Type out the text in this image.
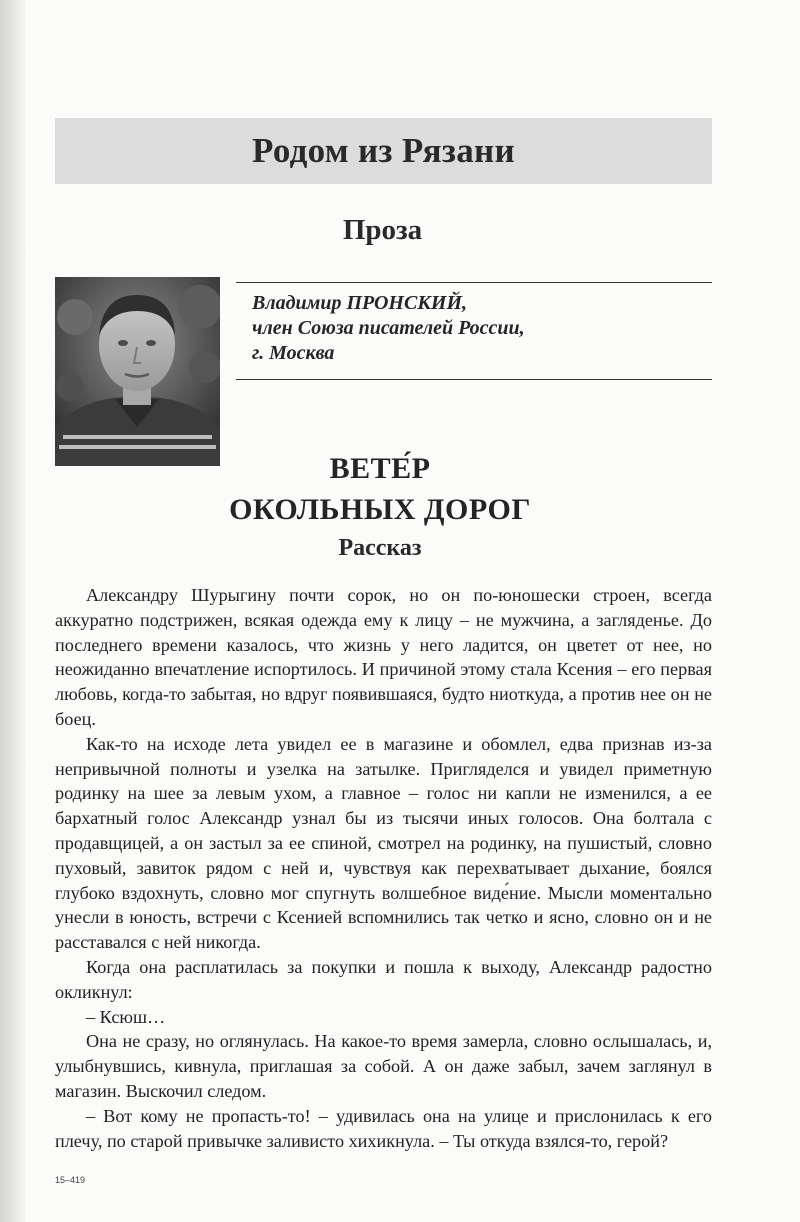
Родом из Рязани
Проза
Владимир ПРОНСКИЙ,
член Союза писателей России,
г. Москва
ВЕТЕ́Р
ОКОЛЬНЫХ ДОРОГ
Рассказ

Александру Шурыгину почти сорок, но он по-юношески строен, всегда аккуратно подстрижен, всякая одежда ему к лицу – не мужчина, а загляденье. До последнего времени казалось, что жизнь у него ладится, он цветет от нее, но неожиданно впечатление испортилось. И причиной этому стала Ксения – его первая любовь, когда-то забытая, но вдруг появившаяся, будто ниоткуда, а против нее он не боец.

Как-то на исходе лета увидел ее в магазине и обомлел, едва признав из-за непривычной полноты и узелка на затылке. Пригляделся и увидел приметную родинку на шее за левым ухом, а главное – голос ни капли не изменился, а ее бархатный голос Александр узнал бы из тысячи иных голосов. Она болтала с продавщицей, а он застыл за ее спиной, смотрел на родинку, на пушистый, словно пуховый, завиток рядом с ней и, чувствуя как перехватывает дыхание, боялся глубоко вздохнуть, словно мог спугнуть волшебное виде́ние. Мысли моментально унесли в юность, встречи с Ксенией вспомнились так четко и ясно, словно он и не расставался с ней никогда.

Когда она расплатилась за покупки и пошла к выходу, Александр радостно окликнул:

– Ксюш…

Она не сразу, но оглянулась. На какое-то время замерла, словно ослышалась, и, улыбнувшись, кивнула, приглашая за собой. А он даже забыл, зачем заглянул в магазин. Выскочил следом.

– Вот кому не пропасть-то! – удивилась она на улице и прислонилась к его плечу, по старой привычке заливисто хихикнула. – Ты откуда взялся-то, герой?

15–419
